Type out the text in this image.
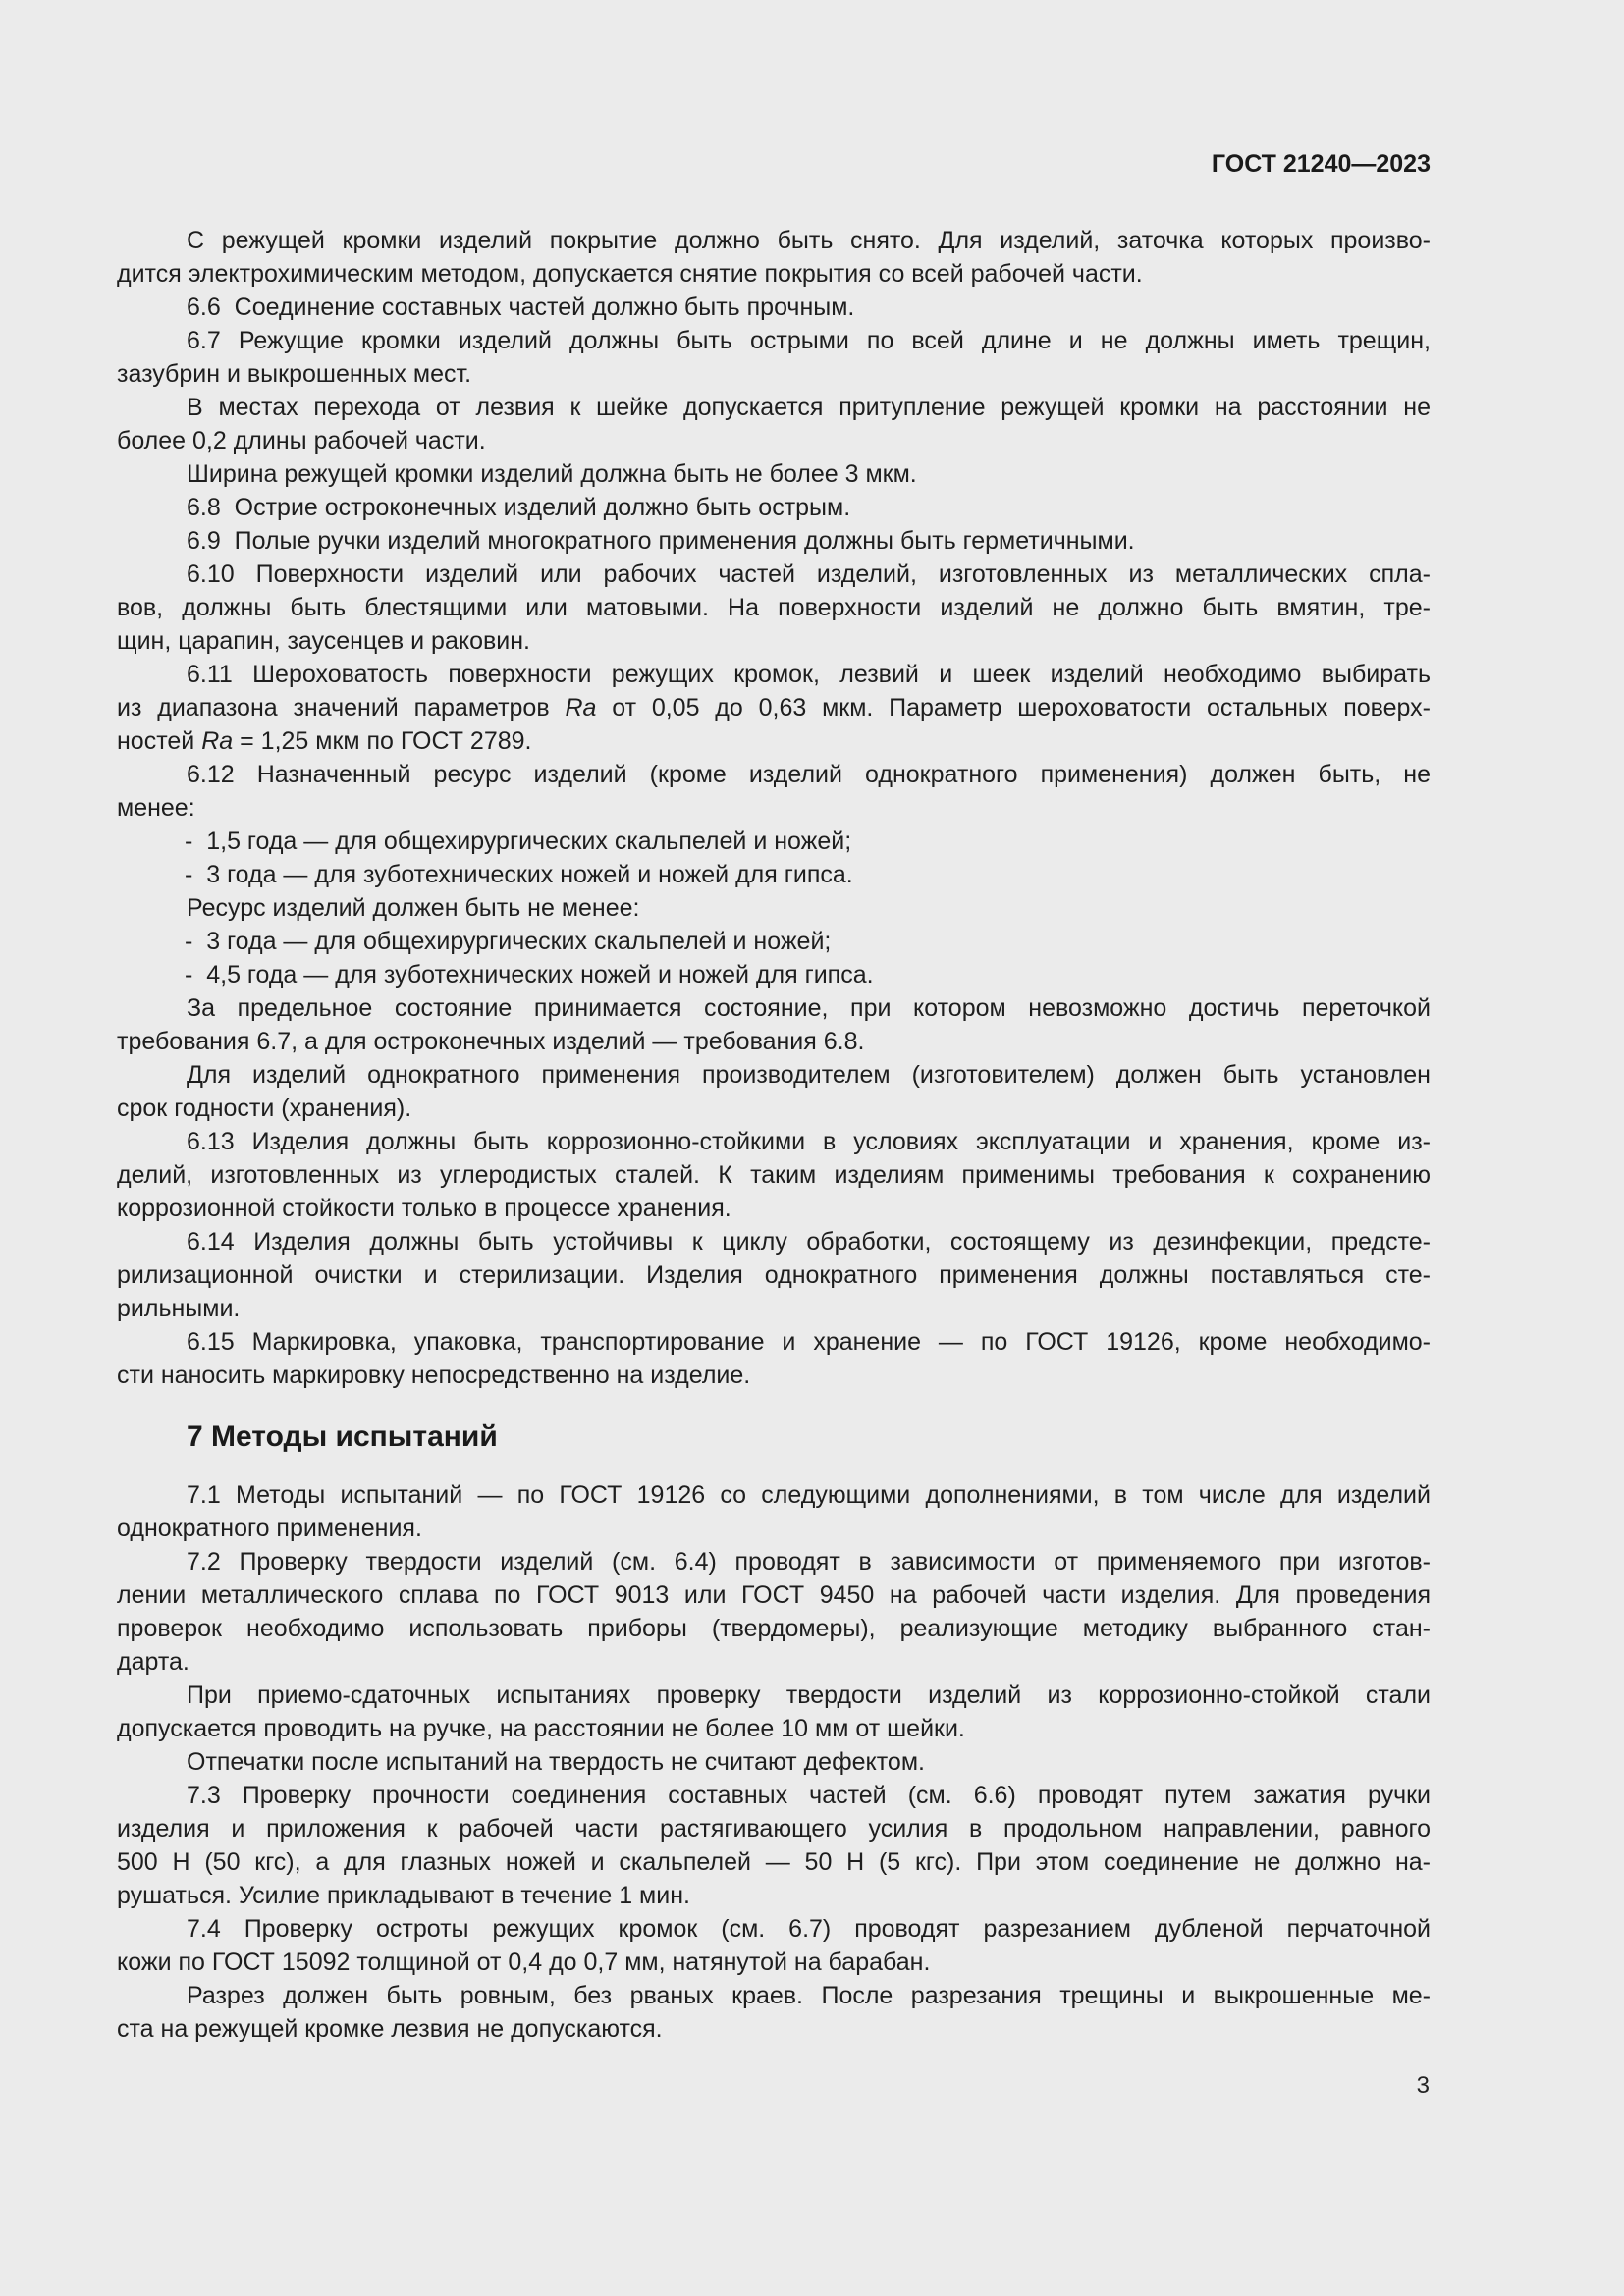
ГОСТ 21240—2023
С режущей кромки изделий покрытие должно быть снято. Для изделий, заточка которых произво-
дится электрохимическим методом, допускается снятие покрытия со всей рабочей части.
6.6  Соединение составных частей должно быть прочным.
6.7 Режущие кромки изделий должны быть острыми по всей длине и не должны иметь трещин,
зазубрин и выкрошенных мест.
В местах перехода от лезвия к шейке допускается притупление режущей кромки на расстоянии не
более 0,2 длины рабочей части.
Ширина режущей кромки изделий должна быть не более 3 мкм.
6.8  Острие остроконечных изделий должно быть острым.
6.9  Полые ручки изделий многократного применения должны быть герметичными.
6.10 Поверхности изделий или рабочих частей изделий, изготовленных из металлических спла-
вов, должны быть блестящими или матовыми. На поверхности изделий не должно быть вмятин, тре-
щин, царапин, заусенцев и раковин.
6.11 Шероховатость поверхности режущих кромок, лезвий и шеек изделий необходимо выбирать
из диапазона значений параметров Ra от 0,05 до 0,63 мкм. Параметр шероховатости остальных поверх-
ностей Ra = 1,25 мкм по ГОСТ 2789.
6.12 Назначенный ресурс изделий (кроме изделий однократного применения) должен быть, не
менее:
-  1,5 года — для общехирургических скальпелей и ножей;
-  3 года — для зуботехнических ножей и ножей для гипса.
Ресурс изделий должен быть не менее:
-  3 года — для общехирургических скальпелей и ножей;
-  4,5 года — для зуботехнических ножей и ножей для гипса.
За предельное состояние принимается состояние, при котором невозможно достичь переточкой
требования 6.7, а для остроконечных изделий — требования 6.8.
Для изделий однократного применения производителем (изготовителем) должен быть установлен
срок годности (хранения).
6.13 Изделия должны быть коррозионно-стойкими в условиях эксплуатации и хранения, кроме из-
делий, изготовленных из углеродистых сталей. К таким изделиям применимы требования к сохранению
коррозионной стойкости только в процессе хранения.
6.14 Изделия должны быть устойчивы к циклу обработки, состоящему из дезинфекции, предсте-
рилизационной очистки и стерилизации. Изделия однократного применения должны поставляться сте-
рильными.
6.15 Маркировка, упаковка, транспортирование и хранение — по ГОСТ 19126, кроме необходимо-
сти наносить маркировку непосредственно на изделие.
7 Методы испытаний
7.1 Методы испытаний — по ГОСТ 19126 со следующими дополнениями, в том числе для изделий
однократного применения.
7.2 Проверку твердости изделий (см. 6.4) проводят в зависимости от применяемого при изготов-
лении металлического сплава по ГОСТ 9013 или ГОСТ 9450 на рабочей части изделия. Для проведения
проверок необходимо использовать приборы (твердомеры), реализующие методику выбранного стан-
дарта.
При приемо-сдаточных испытаниях проверку твердости изделий из коррозионно-стойкой стали
допускается проводить на ручке, на расстоянии не более 10 мм от шейки.
Отпечатки после испытаний на твердость не считают дефектом.
7.3 Проверку прочности соединения составных частей (см. 6.6) проводят путем зажатия ручки
изделия и приложения к рабочей части растягивающего усилия в продольном направлении, равного
500 Н (50 кгс), а для глазных ножей и скальпелей — 50 Н (5 кгс). При этом соединение не должно на-
рушаться. Усилие прикладывают в течение 1 мин.
7.4 Проверку остроты режущих кромок (см. 6.7) проводят разрезанием дубленой перчаточной
кожи по ГОСТ 15092 толщиной от 0,4 до 0,7 мм, натянутой на барабан.
Разрез должен быть ровным, без рваных краев. После разрезания трещины и выкрошенные ме-
ста на режущей кромке лезвия не допускаются.
3
